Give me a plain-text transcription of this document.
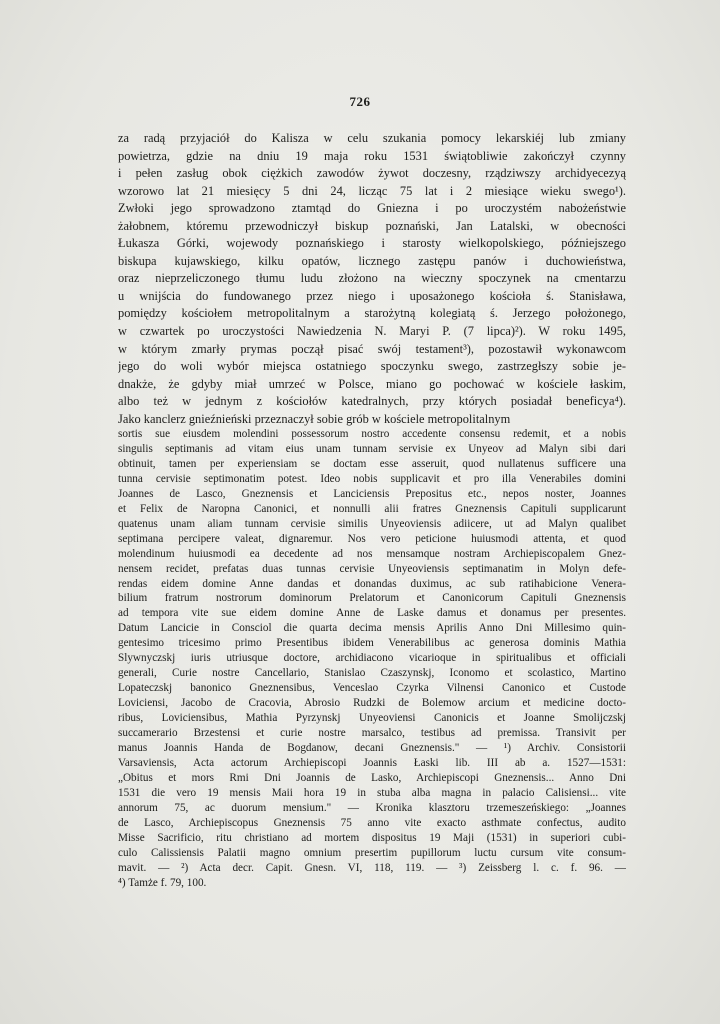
726
za radą przyjaciół do Kalisza w celu szukania pomocy lekarskiéj lub zmiany
powietrza, gdzie na dniu 19 maja roku 1531 świątobliwie zakończył czynny
i pełen zasług obok ciężkich zawodów żywot doczesny, rządziwszy archidyecezyą
wzorowo lat 21 miesięcy 5 dni 24, licząc 75 lat i 2 miesiące wieku swego¹).
Zwłoki jego sprowadzono ztamtąd do Gniezna i po uroczystém nabożeństwie
żałobnem, któremu przewodniczył biskup poznański, Jan Latalski, w obecności
Łukasza Górki, wojewody poznańskiego i starosty wielkopolskiego, późniejszego
biskupa kujawskiego, kilku opatów, licznego zastępu panów i duchowieństwa,
oraz nieprzeliczonego tłumu ludu złożono na wieczny spoczynek na cmentarzu
u wnijścia do fundowanego przez niego i uposażonego kościoła ś. Stanisława,
pomiędzy kościołem metropolitalnym a starożytną kolegiatą ś. Jerzego położonego,
w czwartek po uroczystości Nawiedzenia N. Maryi P. (7 lipca)²). W roku 1495,
w którym zmarły prymas począł pisać swój testament³), pozostawił wykonawcom
jego do woli wybór miejsca ostatniego spoczynku swego, zastrzegłszy sobie je-
dnakże, że gdyby miał umrzeć w Polsce, miano go pochować w kościele łaskim,
albo też w jednym z kościołów katedralnych, przy których posiadał beneficya⁴).
Jako kanclerz gnieźnieński przeznaczył sobie grób w kościele metropolitalnym
sortis sue eiusdem molendini possessorum nostro accedente consensu redemit, et a nobis
singulis septimanis ad vitam eius unam tunnam servisie ex Unyeov ad Malyn sibi dari
obtinuit, tamen per experiensiam se doctam esse asseruit, quod nullatenus sufficere una
tunna cervisie septimonatim potest. Ideo nobis supplicavit et pro illa Venerabiles domini
Joannes de Lasco, Gneznensis et Lanciciensis Prepositus etc., nepos noster, Joannes
et Felix de Naropna Canonici, et nonnulli alii fratres Gneznensis Capituli supplicarunt
quatenus unam aliam tunnam cervisie similis Unyeoviensis adiicere, ut ad Malyn qualibet
septimana percipere valeat, dignaremur. Nos vero peticione huiusmodi attenta, et quod
molendinum huiusmodi ea decedente ad nos mensamque nostram Archiepiscopalem Gnez-
nensem recidet, prefatas duas tunnas cervisie Unyeoviensis septimanatim in Molyn defe-
rendas eidem domine Anne dandas et donandas duximus, ac sub ratihabicione Venera-
bilium fratrum nostrorum dominorum Prelatorum et Canonicorum Capituli Gneznensis
ad tempora vite sue eidem domine Anne de Laske damus et donamus per presentes.
Datum Lancicie in Consciol die quarta decima mensis Aprilis Anno Dni Millesimo quin-
gentesimo tricesimo primo Presentibus ibidem Venerabilibus ac generosa dominis Mathia
Slywnyczskj iuris utriusque doctore, archidiacono vicarioque in spiritualibus et officiali
generali, Curie nostre Cancellario, Stanislao Czaszynskj, Iconomo et scolastico, Martino
Lopateczskj banonico Gneznensibus, Venceslao Czyrka Vilnensi Canonico et Custode
Loviciensi, Jacobo de Cracovia, Abrosio Rudzki de Bolemow arcium et medicine docto-
ribus, Loviciensibus, Mathia Pyrzynskj Unyeoviensi Canonicis et Joanne Smolijczskj
succamerario Brzestensi et curie nostre marsalco, testibus ad premissa. Transivit per
manus Joannis Handa de Bogdanow, decani Gneznensis." — ¹) Archiv. Consistorii
Varsaviensis, Acta actorum Archiepiscopi Joannis Łaski lib. III ab a. 1527—1531:
„Obitus et mors Rmi Dni Joannis de Lasko, Archiepiscopi Gneznensis... Anno Dni
1531 die vero 19 mensis Maii hora 19 in stuba alba magna in palacio Calisiensi... vite
annorum 75, ac duorum mensium." — Kronika klasztoru trzemeszeńskiego: „Joannes
de Lasco, Archiepiscopus Gneznensis 75 anno vite exacto asthmate confectus, audito
Misse Sacrificio, ritu christiano ad mortem dispositus 19 Maji (1531) in superiori cubi-
culo Calissiensis Palatii magno omnium presertim pupillorum luctu cursum vite consum-
mavit. — ²) Acta decr. Capit. Gnesn. VI, 118, 119. — ³) Zeissberg l. c. f. 96. —
⁴) Tamże f. 79, 100.
